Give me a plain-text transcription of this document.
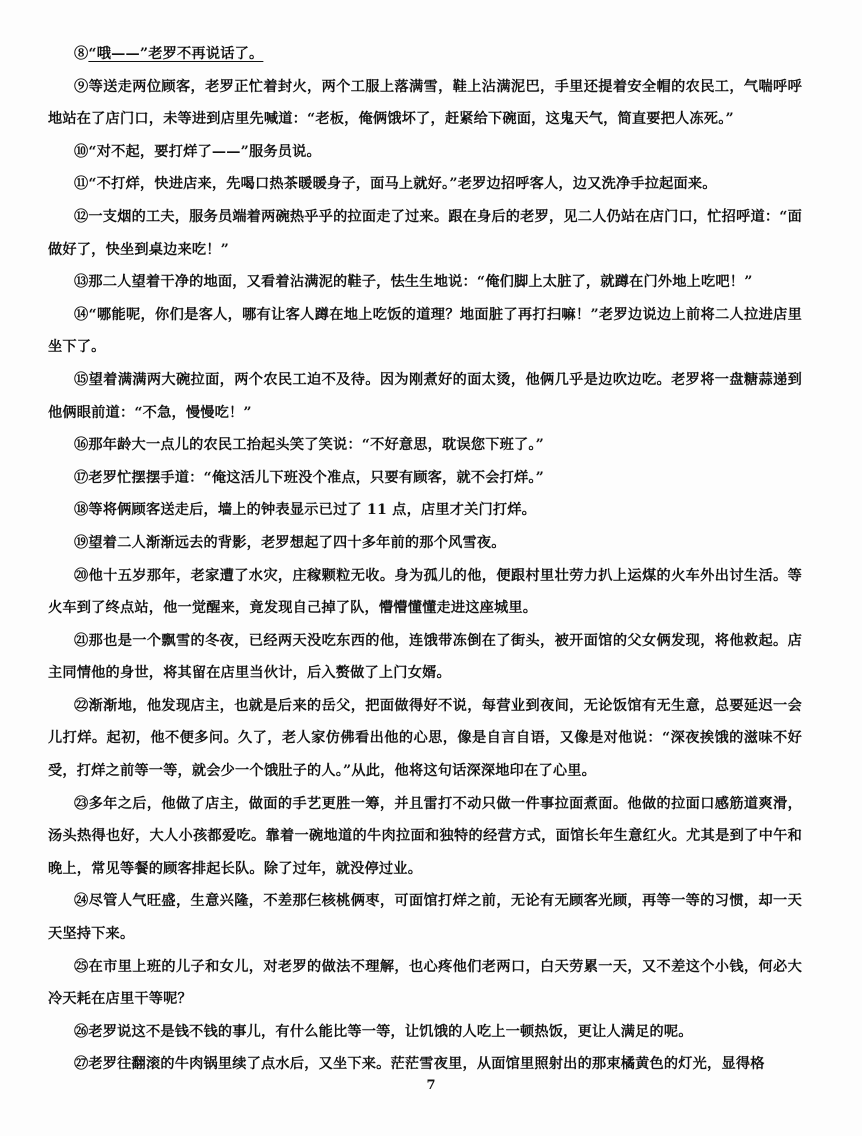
⑧“哦——”老罗不再说话了。

⑨等送走两位顾客，老罗正忙着封火，两个工服上落满雪，鞋上沾满泥巴，手里还提着安全帽的农民工，气喘呼呼地站在了店门口，未等进到店里先喊道：“老板，俺俩饿坏了，赶紧给下碗面，这鬼天气，简直要把人冻死。”

⑩“对不起，要打烊了——”服务员说。

⑪“不打烊，快进店来，先喝口热茶暖暖身子，面马上就好。”老罗边招呼客人，边又洗净手拉起面来。

⑫一支烟的工夫，服务员端着两碗热乎乎的拉面走了过来。跟在身后的老罗，见二人仍站在店门口，忙招呼道：“面做好了，快坐到桌边来吃！”

⑬那二人望着干净的地面，又看着沾满泥的鞋子，怯生生地说：“俺们脚上太脏了，就蹲在门外地上吃吧！”

⑭“哪能呢，你们是客人，哪有让客人蹲在地上吃饭的道理？地面脏了再打扫嘛！”老罗边说边上前将二人拉进店里坐下了。

⑮望着满满两大碗拉面，两个农民工迫不及待。因为刚煮好的面太烫，他俩几乎是边吹边吃。老罗将一盘糖蒜递到他俩眼前道：“不急，慢慢吃！”

⑯那年龄大一点儿的农民工抬起头笑了笑说：“不好意思，耽误您下班了。”

⑰老罗忙摆摆手道：“俺这活儿下班没个准点，只要有顾客，就不会打烊。”

⑱等将俩顾客送走后，墙上的钟表显示已过了 11 点，店里才关门打烊。

⑲望着二人渐渐远去的背影，老罗想起了四十多年前的那个风雪夜。

⑳他十五岁那年，老家遭了水灾，庄稼颗粒无收。身为孤儿的他，便跟村里壮劳力扒上运煤的火车外出讨生活。等火车到了终点站，他一觉醒来，竟发现自己掉了队，懵懵懂懂走进这座城里。

㉑那也是一个飘雪的冬夜，已经两天没吃东西的他，连饿带冻倒在了街头，被开面馆的父女俩发现，将他救起。店主同情他的身世，将其留在店里当伙计，后入赘做了上门女婿。

㉒渐渐地，他发现店主，也就是后来的岳父，把面做得好不说，每营业到夜间，无论饭馆有无生意，总要延迟一会儿打烊。起初，他不便多问。久了，老人家仿佛看出他的心思，像是自言自语，又像是对他说：“深夜挨饿的滋味不好受，打烊之前等一等，就会少一个饿肚子的人。”从此，他将这句话深深地印在了心里。

㉓多年之后，他做了店主，做面的手艺更胜一筹，并且雷打不动只做一件事拉面煮面。他做的拉面口感筋道爽滑，汤头热得也好，大人小孩都爱吃。靠着一碗地道的牛肉拉面和独特的经营方式，面馆长年生意红火。尤其是到了中午和晚上，常见等餐的顾客排起长队。除了过年，就没停过业。

㉔尽管人气旺盛，生意兴隆，不差那仨核桃俩枣，可面馆打烊之前，无论有无顾客光顾，再等一等的习惯，却一天天坚持下来。

㉕在市里上班的儿子和女儿，对老罗的做法不理解，也心疼他们老两口，白天劳累一天，又不差这个小钱，何必大冷天耗在店里干等呢？

㉖老罗说这不是钱不钱的事儿，有什么能比等一等，让饥饿的人吃上一顿热饭，更让人满足的呢。

㉗老罗往翻滚的牛肉锅里续了点水后，又坐下来。茫茫雪夜里，从面馆里照射出的那束橘黄色的灯光，显得格

7
